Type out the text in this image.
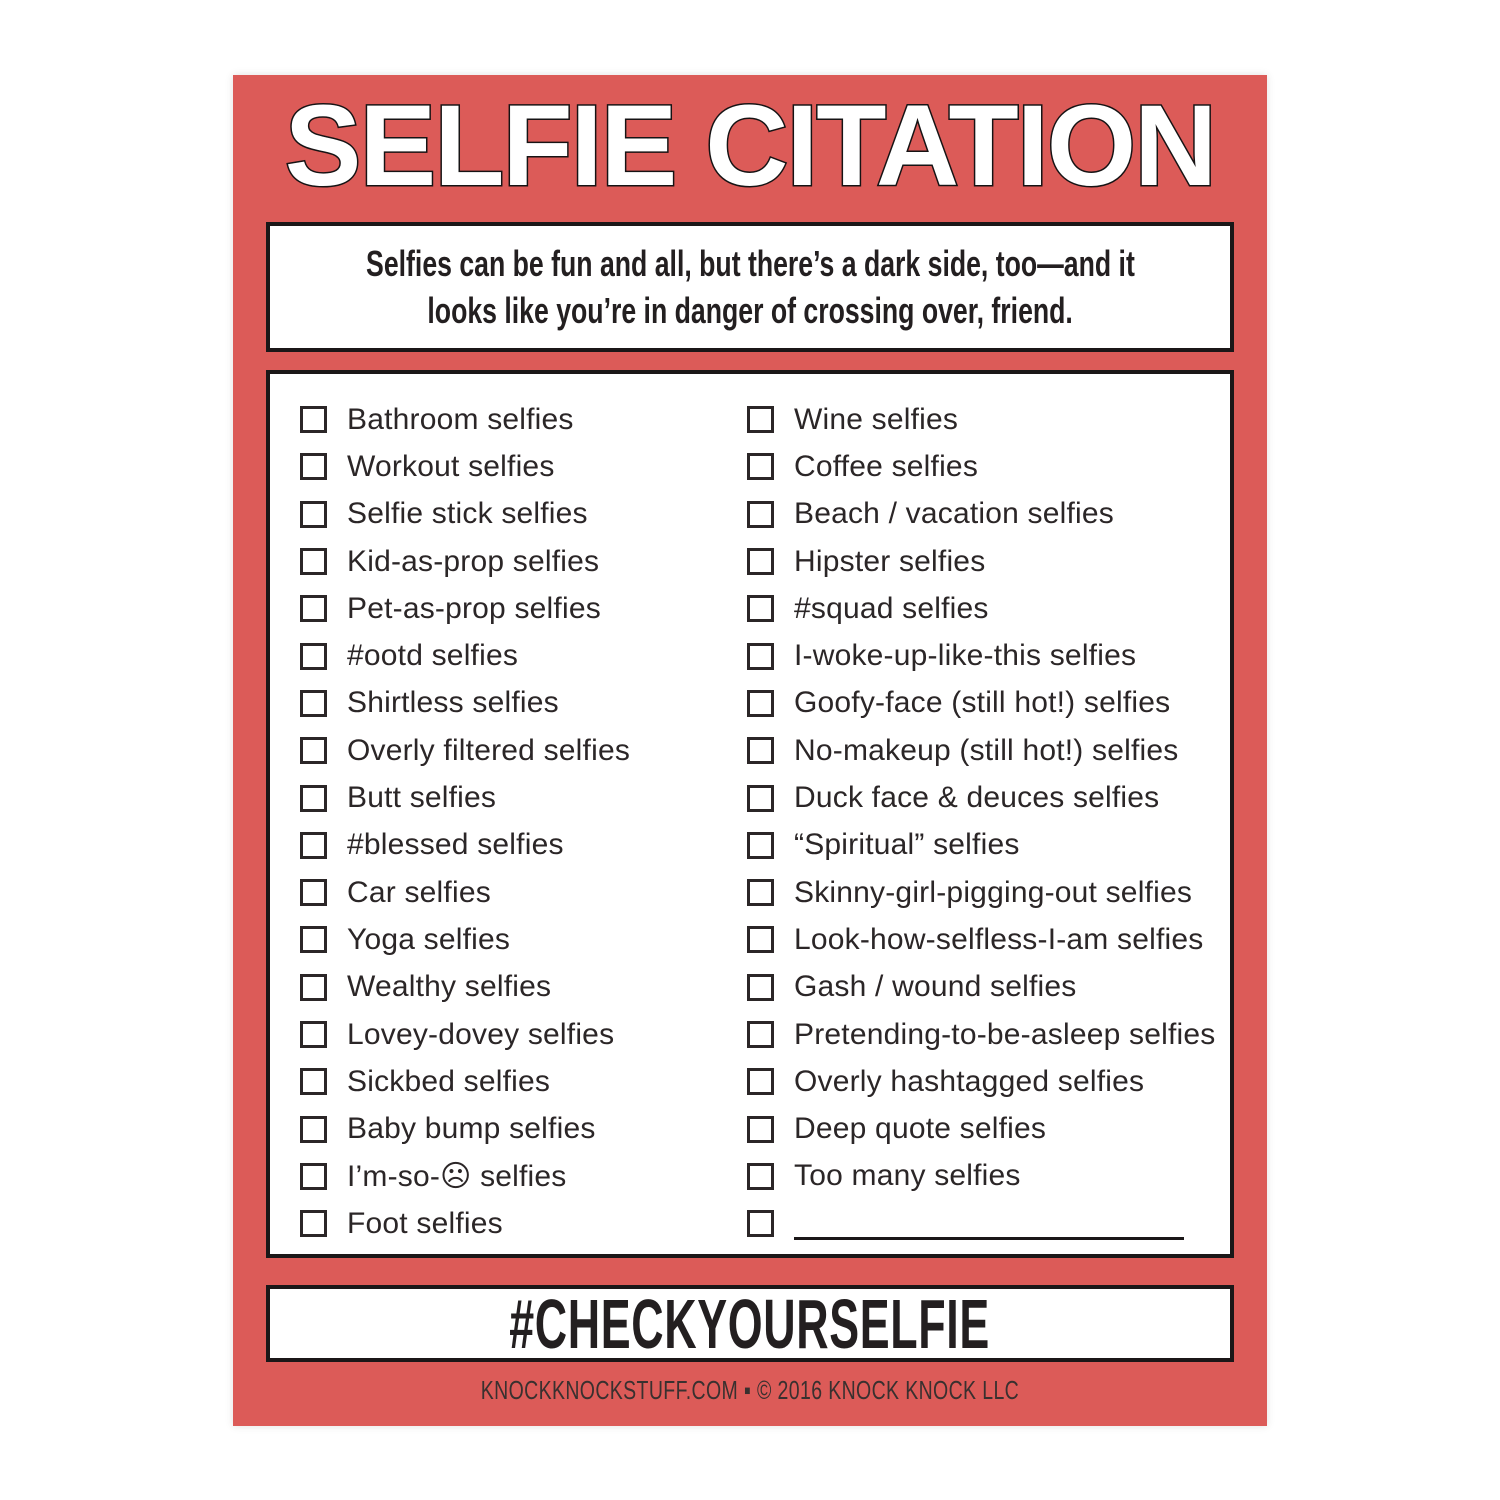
SELFIE CITATION
Selfies can be fun and all, but there’s a dark side, too—and it
looks like you’re in danger of crossing over, friend.
Bathroom selfies
Workout selfies
Selfie stick selfies
Kid-as-prop selfies
Pet-as-prop selfies
#ootd selfies
Shirtless selfies
Overly filtered selfies
Butt selfies
#blessed selfies
Car selfies
Yoga selfies
Wealthy selfies
Lovey-dovey selfies
Sickbed selfies
Baby bump selfies
I’m-so-☹ selfies
Foot selfies
Wine selfies
Coffee selfies
Beach / vacation selfies
Hipster selfies
#squad selfies
I-woke-up-like-this selfies
Goofy-face (still hot!) selfies
No-makeup (still hot!) selfies
Duck face & deuces selfies
“Spiritual” selfies
Skinny-girl-pigging-out selfies
Look-how-selfless-I-am selfies
Gash / wound selfies
Pretending-to-be-asleep selfies
Overly hashtagged selfies
Deep quote selfies
Too many selfies
#CHECKYOURSELFIE
KNOCKKNOCKSTUFF.COM ▪ © 2016 KNOCK KNOCK LLC
